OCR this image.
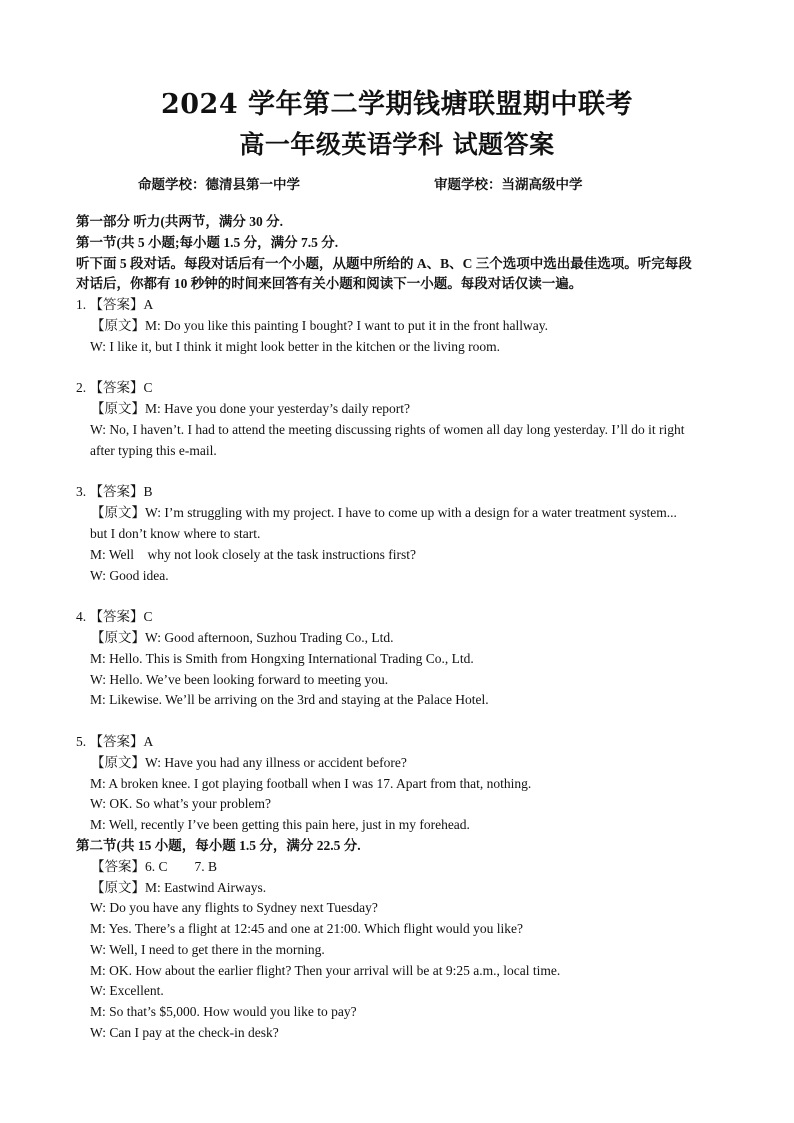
2024 学年第二学期钱塘联盟期中联考
高一年级英语学科 试题答案
命题学校：德清县第一中学	审题学校：当湖高级中学
第一部分 听力(共两节，满分 30 分.
第一节(共 5 小题;每小题 1.5 分，满分 7.5 分.
听下面 5 段对话。每段对话后有一个小题，从题中所给的 A、B、C 三个选项中选出最佳选项。听完每段
对话后，你都有 10 秒钟的时间来回答有关小题和阅读下一小题。每段对话仅读一遍。
1. 【答案】A
【原文】M: Do you like this painting I bought? I want to put it in the front hallway.
W: I like it, but I think it might look better in the kitchen or the living room.
2. 【答案】C
【原文】M: Have you done your yesterday’s daily report?
W: No, I haven’t. I had to attend the meeting discussing rights of women all day long yesterday. I’ll do it right
after typing this e-mail.
3. 【答案】B
【原文】W: I’m struggling with my project. I have to come up with a design for a water treatment system...
but I don’t know where to start.
M: Well    why not look closely at the task instructions first?
W: Good idea.
4. 【答案】C
【原文】W: Good afternoon, Suzhou Trading Co., Ltd.
M: Hello. This is Smith from Hongxing International Trading Co., Ltd.
W: Hello. We’ve been looking forward to meeting you.
M: Likewise. We’ll be arriving on the 3rd and staying at the Palace Hotel.
5. 【答案】A
【原文】W: Have you had any illness or accident before?
M: A broken knee. I got playing football when I was 17. Apart from that, nothing.
W: OK. So what’s your problem?
M: Well, recently I’ve been getting this pain here, just in my forehead.
第二节(共 15 小题，每小题 1.5 分，满分 22.5 分.
【答案】6. C        7. B
【原文】M: Eastwind Airways.
W: Do you have any flights to Sydney next Tuesday?
M: Yes. There’s a flight at 12:45 and one at 21:00. Which flight would you like?
W: Well, I need to get there in the morning.
M: OK. How about the earlier flight? Then your arrival will be at 9:25 a.m., local time.
W: Excellent.
M: So that’s $5,000. How would you like to pay?
W: Can I pay at the check-in desk?
